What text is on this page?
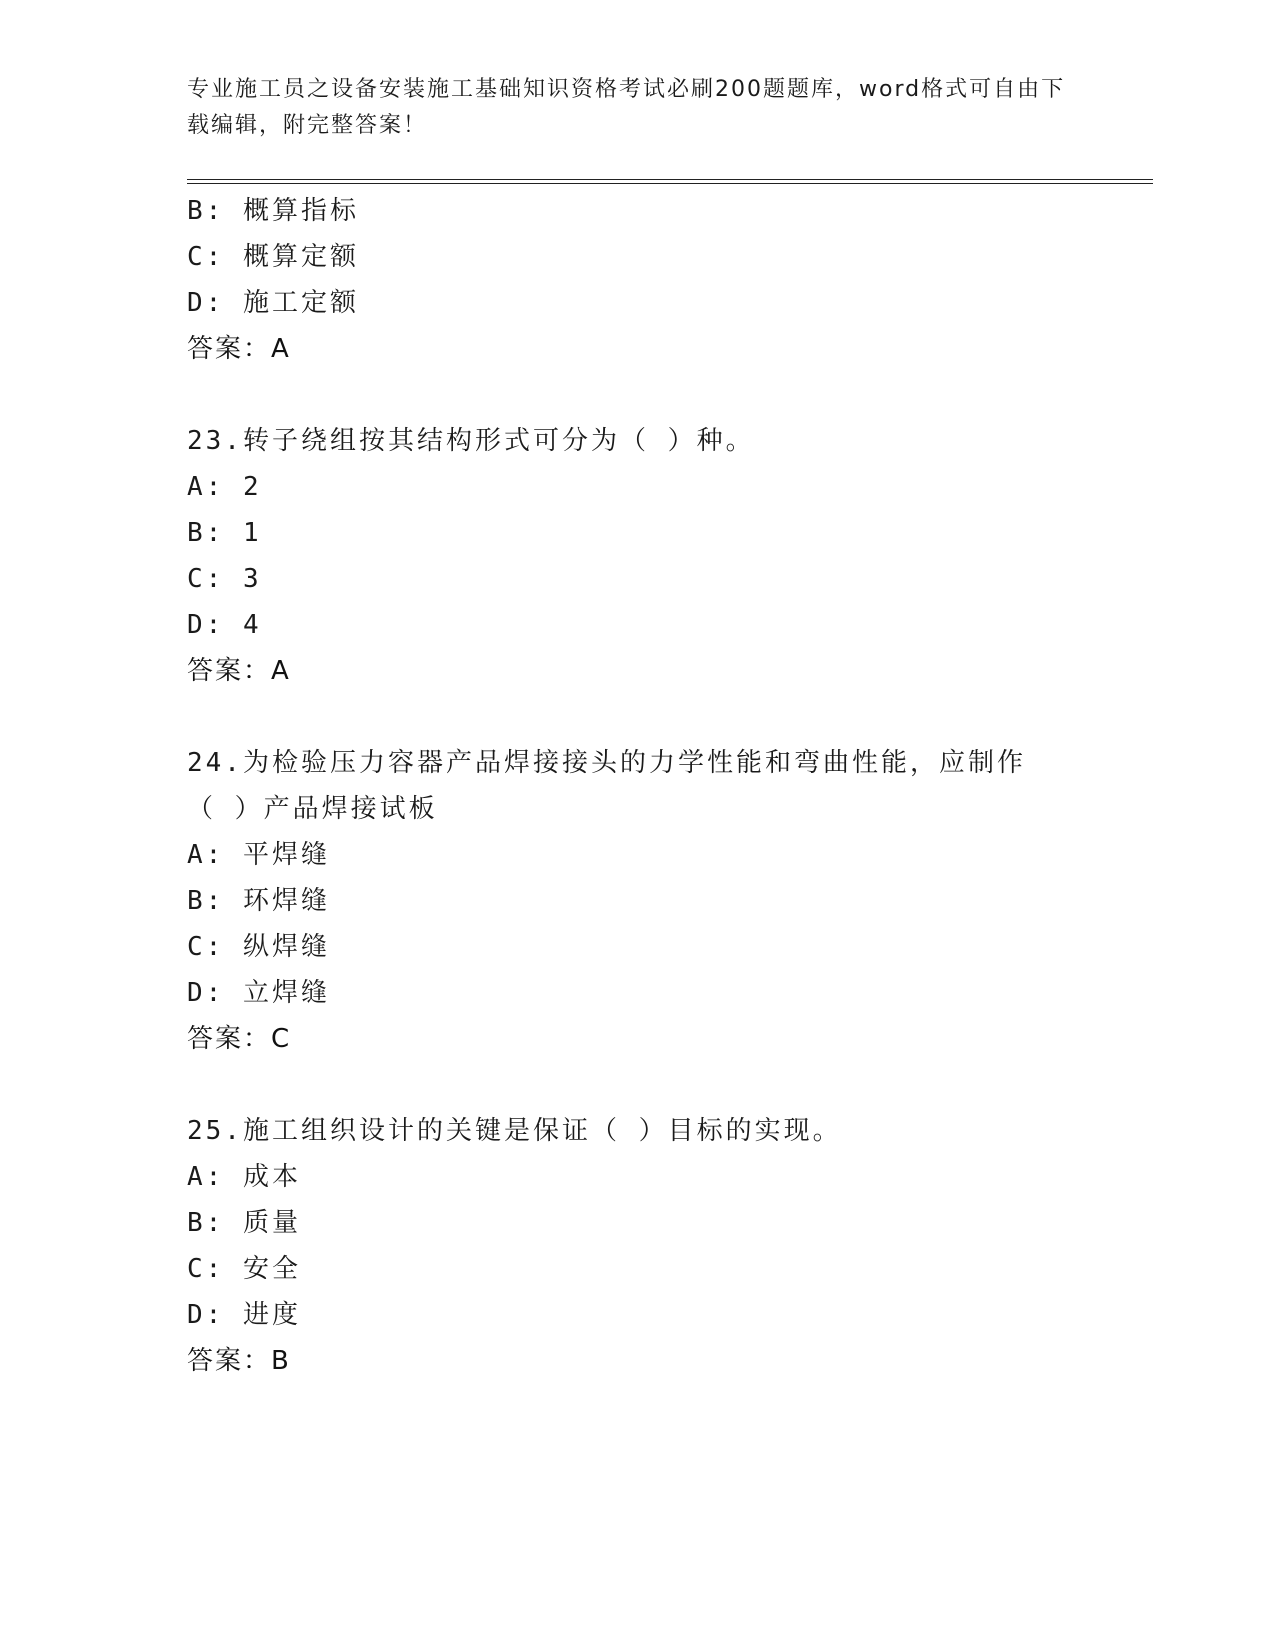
专业施工员之设备安装施工基础知识资格考试必刷200题题库，word格式可自由下载编辑，附完整答案！
B: 概算指标
C: 概算定额
D: 施工定额
答案：A
23.转子绕组按其结构形式可分为（ ）种。
A: 2
B: 1
C: 3
D: 4
答案：A
24.为检验压力容器产品焊接接头的力学性能和弯曲性能，应制作（ ）产品焊接试板
A: 平焊缝
B: 环焊缝
C: 纵焊缝
D: 立焊缝
答案：C
25.施工组织设计的关键是保证（ ）目标的实现。
A: 成本
B: 质量
C: 安全
D: 进度
答案：B
